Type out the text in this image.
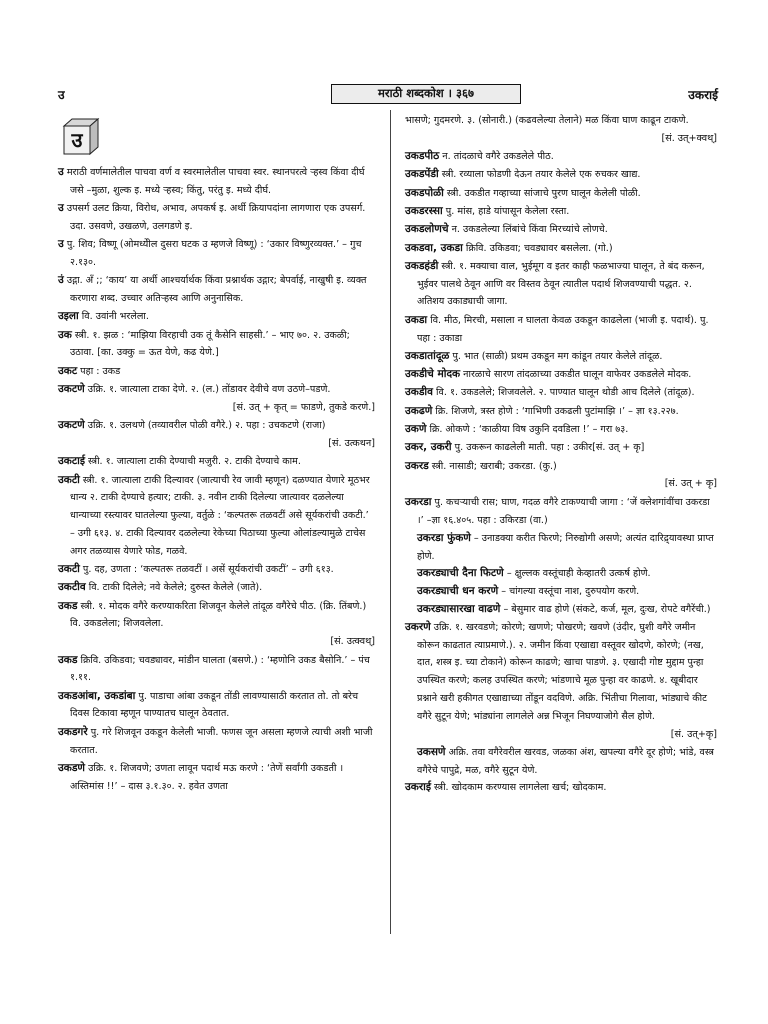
उ	मराठी शब्दकोश । ३६७	उकराई
उ
उ मराठी वर्णमालेतील पाचवा वर्ण व स्वरमालेतील पाचवा स्वर. स्थानपरत्वे ऱ्हस्व किंवा दीर्घ जसे –मुळा, शुल्क इ. मध्ये ऱ्हस्व; किंतु, परंतु इ. मध्ये दीर्घ.
उ उपसर्ग उलट क्रिया, विरोध, अभाव, अपकर्ष इ. अर्थी क्रियापदांना लागणारा एक उपसर्ग. उदा. उसवणे, उखळणे, उलगडणे इ.
उ पु. शिव; विष्णू (ओमध्येील दुसरा घटक उ म्हणजे विष्णू) : ‘उकार विष्णुरव्यक्त.’ – गुच २.१३०.
उं उद्गा. अँ ;; ‘काय’ या अर्थी आश्चर्यार्थक किंवा प्रश्नार्थक उद्गार; बेपर्वाई, नाखुषी इ. व्यक्त करणारा शब्द. उच्चार अतिऱ्हस्व आणि अनुनासिक.
उइला वि. उवांनी भरलेला.
उक स्त्री. १. झळ : ‘माझिया विरहाची उक तूं कैसेनि साहसी.’ – भाए ७०. २. उकळी; उठावा. [का. उक्कु = ऊत येणे, कढ येणे.]
उकट पहा : उकड
उकटणे उक्रि. १. जात्याला टाका देणे. २. (ल.) तोंडावर देवीचे वण उठणे–पडणे.
[सं. उत् + कृत् = फाडणे, तुकडे करणे.]
उकटणे उक्रि. १. उलथणे (तव्यावरील पोळी वगैरे.) २. पहा : उचकटणे (राजा)
[सं. उत्कथन]
उकटाई स्त्री. १. जात्याला टाकी देण्याची मजुरी. २. टाकी देण्याचे काम.
उकटी स्त्री. १. जात्याला टाकी दिल्यावर (जात्याची रेव जावी म्हणून) दळण्यात येणारे मूठभर धान्य २. टाकी देण्याचे हत्यार; टाकी. ३. नवीन टाकी दिलेल्या जात्यावर दळलेल्या धान्याच्या रस्त्यावर घातलेल्या फुल्या, वर्तुळे : ‘कल्पतरू तळवटीं असे सूर्यकरांची उकटी.’ – उगी ६१३. ४. टाकी दिल्यावर दळलेल्या रेकेच्या पिठाच्या फुल्या ओलांडल्यामुळे टाचेस अगर तळव्यास येणारे फोड, गळवे.
उकटी पु. दह, उणता : ‘कल्पतरू तळवटीं । असें सूर्यकरांची उकटीं’ – उगी ६१३.
उकटीव वि. टाकी दिलेले; नवे केलेले; दुरुस्त केलेले (जाते).
उकड स्त्री. १. मोदक वगैरे करण्याकरिता शिजवून केलेले तांदूळ वगैरेचे पीठ. (क्रि. तिंबणे.) वि. उकडलेला; शिजवलेला.
[सं. उत्क्वथ्]
उकड क्रिवि. उकिडवा; चवड्यावर, मांडीन घालता (बसणे.) : ‘म्हणोनि उकड बैसोनि.’ – पंच १.११.
उकडआंबा, उकडांबा पु. पाडाचा आंबा उकडून तोंडी लावण्यासाठी करतात तो. तो बरेच दिवस टिकावा म्हणून पाण्यातच घालून ठेवतात.
उकडगरे पु. गरे शिजवून उकडून केलेली भाजी. फणस जून असला म्हणजे त्याची अशी भाजी करतात.
उकडणे उक्रि. १. शिजवणे; उणता लावून पदार्थ मऊ करणे : ‘तेणें सर्वांगी उकडती । अस्तिमांस !!’ – दास ३.१.३०. २. हवेत उणता
भासणे; गुदमरणे. ३. (सोनारी.) (कढवलेल्या तेलाने) मळ किंवा घाण काढून टाकणे.
[सं. उत्+क्वथ्]
उकडपीठ न. तांदळाचे वगैरे उकडलेले पीठ.
उकडपेंडी स्त्री. रव्याला फोडणी देऊन तयार केलेले एक रुचकर खाद्य.
उकडपोळी स्त्री. उकडीत गव्हाच्या सांजाचे पुरण घालून केलेली पोळी.
उकडरस्सा पु. मांस, हाडे यांपासून केलेला रस्ता.
उकडलोणचे न. उकडलेल्या लिंबांचे किंवा मिरच्यांचे लोणचे.
उकडवा, उकडा क्रिवि. उकिडवा; चवड्यावर बसलेला. (गो.)
उकडहंडी स्त्री. १. मक्याचा वाल, भुईमूग व इतर काही फळभाज्या घालून, ते बंद करून, भुईवर पालथे ठेवून आणि वर विस्तव ठेवून त्यातील पदार्थ शिजवण्याची पद्धत. २. अतिशय उकाड्याची जागा.
उकडा वि. मीठ, मिरची, मसाला न घालता केवळ उकडून काढलेला (भाजी इ. पदार्थ). पु. पहा : उकाडा
उकडातांदूळ पु. भात (साळी) प्रथम उकडून मग कांडून तयार केलेले तांदूळ.
उकडीचे मोदक नारळाचे सारण तांदळाच्या उकडीत घालून वाफेवर उकडलेले मोदक.
उकडीव वि. १. उकडलेले; शिजवलेले. २. पाण्यात घालून थोडी आच दिलेले (तांदूळ).
उकढणे क्रि. शिजणे, त्रस्त होणे : ‘गाभिणी उकढली पुटांमाझि ।’ – ज्ञा १३.२२७.
उकणे क्रि. ओकणे : ‘काळीया विष उकुनि दवडिला !’ – गरा ७३.
उकर, उकरी पु. उकरून काढलेली माती. पहा : उकीर[सं. उत् + कृ]
उकरड स्त्री. नासाडी; खराबी; उकरडा. (कु.)
[सं. उत् + कृ]
उकरडा पु. कचऱ्याची रास; घाण, गदळ वगैरे टाकण्याची जागा : ‘जें क्लेशगांवींचा उकरडा ।’ –ज्ञा १६.४०५. पहा : उकिरडा (वा.)
उकरडा फुंकणे – उनाडक्या करीत फिरणे; निरुद्योगी असणे; अत्यंत दारिद्र्यावस्था प्राप्त होणे.
उकरड्याची दैना फिटणे – क्षुल्लक वस्तूंचाही केव्हातरी उत्कर्ष होणे.
उकरड्याची धन करणे – चांगल्या वस्तूंचा नाश, दुरुपयोग करणे.
उकरड्यासारखा वाढणे – बेसुमार वाढ होणे (संकटे, कर्ज, मूल, दुःख, रोपटे वगैरेंची.)
उकरणे उक्रि. १. खरवडणे; कोरणे; खणणे; पोखरणे; खवणे (उंदीर, घुशी वगैरे जमीन कोरून काढतात त्याप्रमाणे.). २. जमीन किंवा एखाद्या वस्तूवर खोदणे, कोरणे; (नख, दात, शस्त्र इ. च्या टोकाने) कोरून काढणे; खाचा पाडणे. ३. एखादी गोष्ट मुद्दाम पुन्हा उपस्थित करणे; कलह उपस्थित करणे; भांडणाचे मूळ पुन्हा वर काढणे. ४. खूबीदार प्रश्नाने खरी हकीगत एखाद्याच्या तोंडून वदविणे. अक्रि. भिंतीचा गिलावा, भांड्याचे कीट वगैरे सुटून येणे; भांड्यांना लागलेले अन्न भिजून निघण्याजोगे सैल होणे.
[सं. उत्+कृ]
उकसणे अक्रि. तवा वगैरेवरील खरवड, जळका अंश, खपल्या वगैरे दूर होणे; भांडे, वस्त्र वगैरेचे पापुद्रे, मळ, वगैरे सुटून येणे.
उकराई स्त्री. खोदकाम करण्यास लागलेला खर्च; खोदकाम.
